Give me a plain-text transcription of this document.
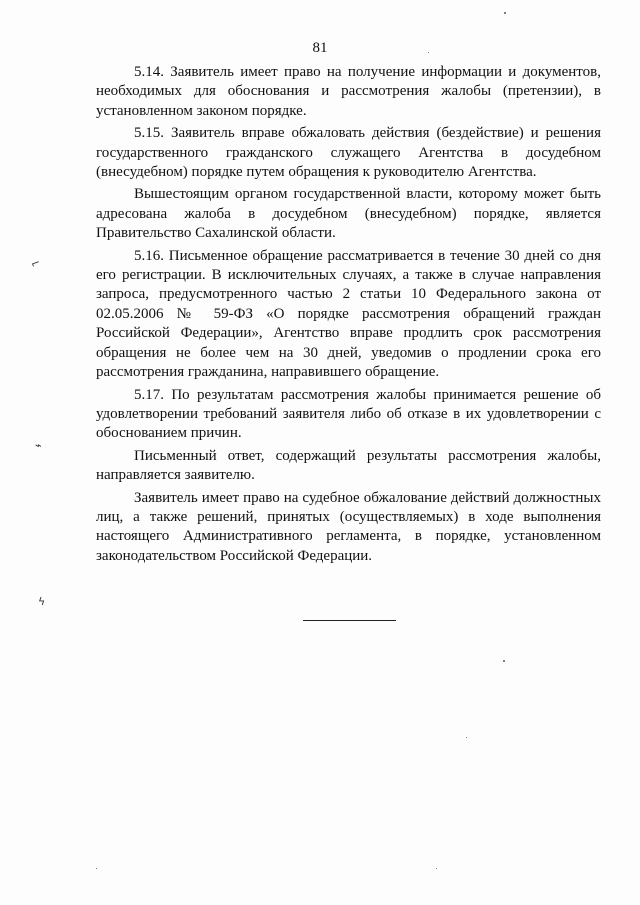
81

5.14. Заявитель имеет право на получение информации и документов, необходимых для обоснования и рассмотрения жалобы (претензии), в установленном законом порядке.

5.15. Заявитель вправе обжаловать действия (бездействие) и решения государственного гражданского служащего Агентства в досудебном (внесудебном) порядке путем обращения к руководителю Агентства.

Вышестоящим органом государственной власти, которому может быть адресована жалоба в досудебном (внесудебном) порядке, является Правительство Сахалинской области.

5.16. Письменное обращение рассматривается в течение 30 дней со дня его регистрации. В исключительных случаях, а также в случае направления запроса, предусмотренного частью 2 статьи 10 Федерального закона от 02.05.2006 № 59-ФЗ «О порядке рассмотрения обращений граждан Российской Федерации», Агентство вправе продлить срок рассмотрения обращения не более чем на 30 дней, уведомив о продлении срока его рассмотрения гражданина, направившего обращение.

5.17. По результатам рассмотрения жалобы принимается решение об удовлетворении требований заявителя либо об отказе в их удовлетворении с обоснованием причин.

Письменный ответ, содержащий результаты рассмотрения жалобы, направляется заявителю.

Заявитель имеет право на судебное обжалование действий должностных лиц, а также решений, принятых (осуществляемых) в ходе выполнения настоящего Административного регламента, в порядке, установленном законодательством Российской Федерации.

⌐
⌁
ϟ
